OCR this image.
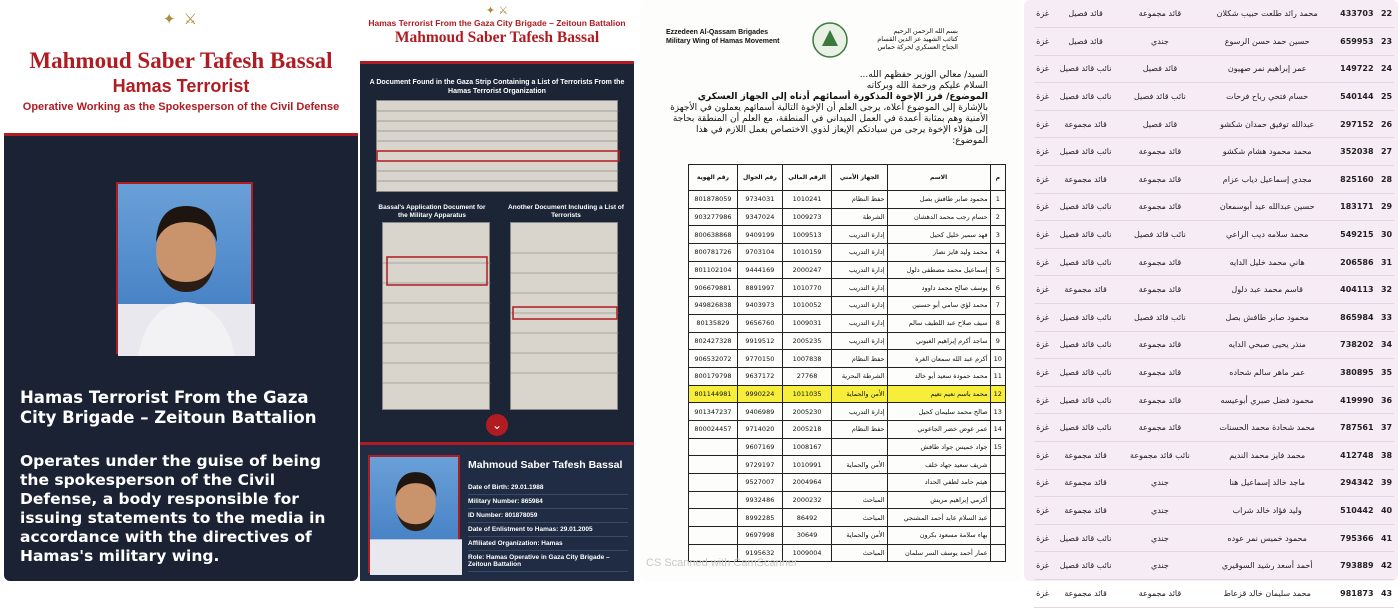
✦ ⚔
Mahmoud Saber Tafesh Bassal
Hamas Terrorist
Operative Working as the Spokesperson of the Civil Defense
Hamas Terrorist From the Gaza City Brigade – Zeitoun Battalion
Operates under the guise of being the spokesperson of the Civil Defense, a body responsible for issuing statements to the media in accordance with the directives of Hamas's military wing.
✦ ⚔
Hamas Terrorist From the Gaza City Brigade – Zeitoun Battalion
Mahmoud Saber Tafesh Bassal
A Document Found in the Gaza Strip Containing a List of Terrorists From the Hamas Terrorist Organization
Bassal's Application Document for the Military Apparatus
Another Document Including a List of Terrorists
⌄
Mahmoud Saber Tafesh Bassal
Date of Birth: 29.01.1988
Military Number: 865984
ID Number: 801878059
Date of Enlistment to Hamas: 29.01.2005
Affiliated Organization: Hamas
Role: Hamas Operative in Gaza City Brigade – Zeitoun Battalion
Ezzedeen Al-Qassam Brigades
Military Wing of Hamas Movement
بسم الله الرحمن الرحيم
كتائب الشهيد عز الدين القسام
الجناح العسكري لحركة حماس
السيد/ معالي الوزير حفظهم الله...
السلام عليكم ورحمة الله وبركاته
الموضوع/ فرز الإخوة المذكورة أسمائهم أدناه إلى الجهاز العسكري
بالإشارة إلى الموضوع أعلاه، يرجى العلم أن الإخوة التالية أسمائهم يعملون في الأجهزة الأمنية وهم بمثابة أعمدة في العمل الميداني في المنطقة، مع العلم أن المنطقة بحاجة إلى هؤلاء الإخوة يرجى من سيادتكم الإيعاز لذوي الاختصاص بعمل اللازم في هذا الموضوع:
رقم الهوية	رقم الجوال	الرقم المالي	الجهاز الأمني	الاسم	م
801878059	9734031	1010241	حفظ النظام	محمود صابر طافش بصل	1
903277986	9347024	1009273	الشرطة	حسام رجب محمد الدهشان	2
800638868	9409199	1009513	إدارة التدريب	فهد سمير خليل كحيل	3
800781726	9703104	1010159	إدارة التدريب	محمد وليد فايز نصار	4
801102104	9444169	2000247	إدارة التدريب	إسماعيل محمد مصطفى دلول	5
906679881	8891997	1010770	إدارة التدريب	يوسف صالح محمد داوود	6
949826838	9403973	1010052	إدارة التدريب	محمد لؤي سامي أبو حسنين	7
80135829	9656760	1009031	إدارة التدريب	سيف صلاح عبد اللطيف سالم	8
802427328	9919512	2005235	إدارة التدريب	ساجد أكرم إبراهيم الغبوني	9
906532072	9770150	1007838	حفظ النظام	أكرم عبد الله سمعان الغرة	10
800179798	9637172	27768	الشرطة البحرية	محمد حمودة سعيد أبو خالد	11
801144981	9990224	1011035	الأمن والحماية	محمد باسم نعيم نعيم	12
901347237	9406989	2005230	إدارة التدريب	صالح محمد سليمان كحيل	13
800024457	9714020	2005218	حفظ النظام	عمر عوض خضر الجاعوني	14
	9607169	1008167		جواد خميس جواد طافش	15
	9729197	1010991	الأمن والحماية	شريف سعيد جهاد خلف	
	9527007	2004964		هيثم حامد لطفي الحداد	
	9932486	2000232	المباحث	أكرمي إبراهيم مريش	
	8992285	86492	المباحث	عبد السلام عابد أحمد المشنجي	
	9697998	30649	الأمن والحماية	بهاء سلامة مسعود بكرون	
	9195632	1009004	المباحث	عمار أحمد يوسف السر سلمان	
CS Scanned with CamScanner
غزة	قائد فصيل	قائد مجموعة	محمد رائد طلعت حبيب شكلان	433703	22
غزة	قائد فصيل	جندي	حسين حمد حسن الرسوع	659953	23
غزة	نائب قائد فصيل	قائد فصيل	عمر إبراهيم نمر صهيون	149722	24
غزة	نائب قائد فصيل	نائب قائد فصيل	حسام فتحي رباح فرحات	540144	25
غزة	قائد مجموعة	قائد فصيل	عبدالله توفيق حمدان شكشو	297152	26
غزة	نائب قائد فصيل	قائد مجموعة	محمد محمود هشام شكشو	352038	27
غزة	قائد مجموعة	قائد مجموعة	مجدي إسماعيل دياب عزام	825160	28
غزة	نائب قائد فصيل	قائد مجموعة	حسين عبدالله عيد أبوسمعان	183171	29
غزة	نائب قائد فصيل	نائب قائد فصيل	محمد سلامه ديب الراعي	549215	30
غزة	نائب قائد فصيل	قائد مجموعة	هاني محمد خليل الدايه	206586	31
غزة	قائد مجموعة	قائد مجموعة	قاسم محمد عبد دلول	404113	32
غزة	نائب قائد فصيل	نائب قائد فصيل	محمود صابر طافش بصل	865984	33
غزة	نائب قائد فصيل	قائد مجموعة	منذر يحيى صبحي الدايه	738202	34
غزة	نائب قائد فصيل	قائد مجموعة	عمر ماهر سالم شحاده	380895	35
غزة	نائب قائد فصيل	قائد مجموعة	محمود فضل صبري أبوعيسه	419990	36
غزة	نائب قائد فصيل	قائد مجموعة	محمد شحادة محمد الحسنات	787561	37
غزة	قائد مجموعة	نائب قائد مجموعة	محمد فايز محمد النديم	412748	38
غزة	قائد مجموعة	جندي	ماجد خالد إسماعيل هنا	294342	39
غزة	قائد مجموعة	جندي	وليد فؤاد خالد شراب	510442	40
غزة	نائب قائد فصيل	جندي	محمود خميس نمر عوده	795366	41
غزة	نائب قائد فصيل	جندي	أحمد أسعد رشيد السوقيري	793889	42
غزة	قائد مجموعة	قائد مجموعة	محمد سليمان خالد قزعاط	981873	43
